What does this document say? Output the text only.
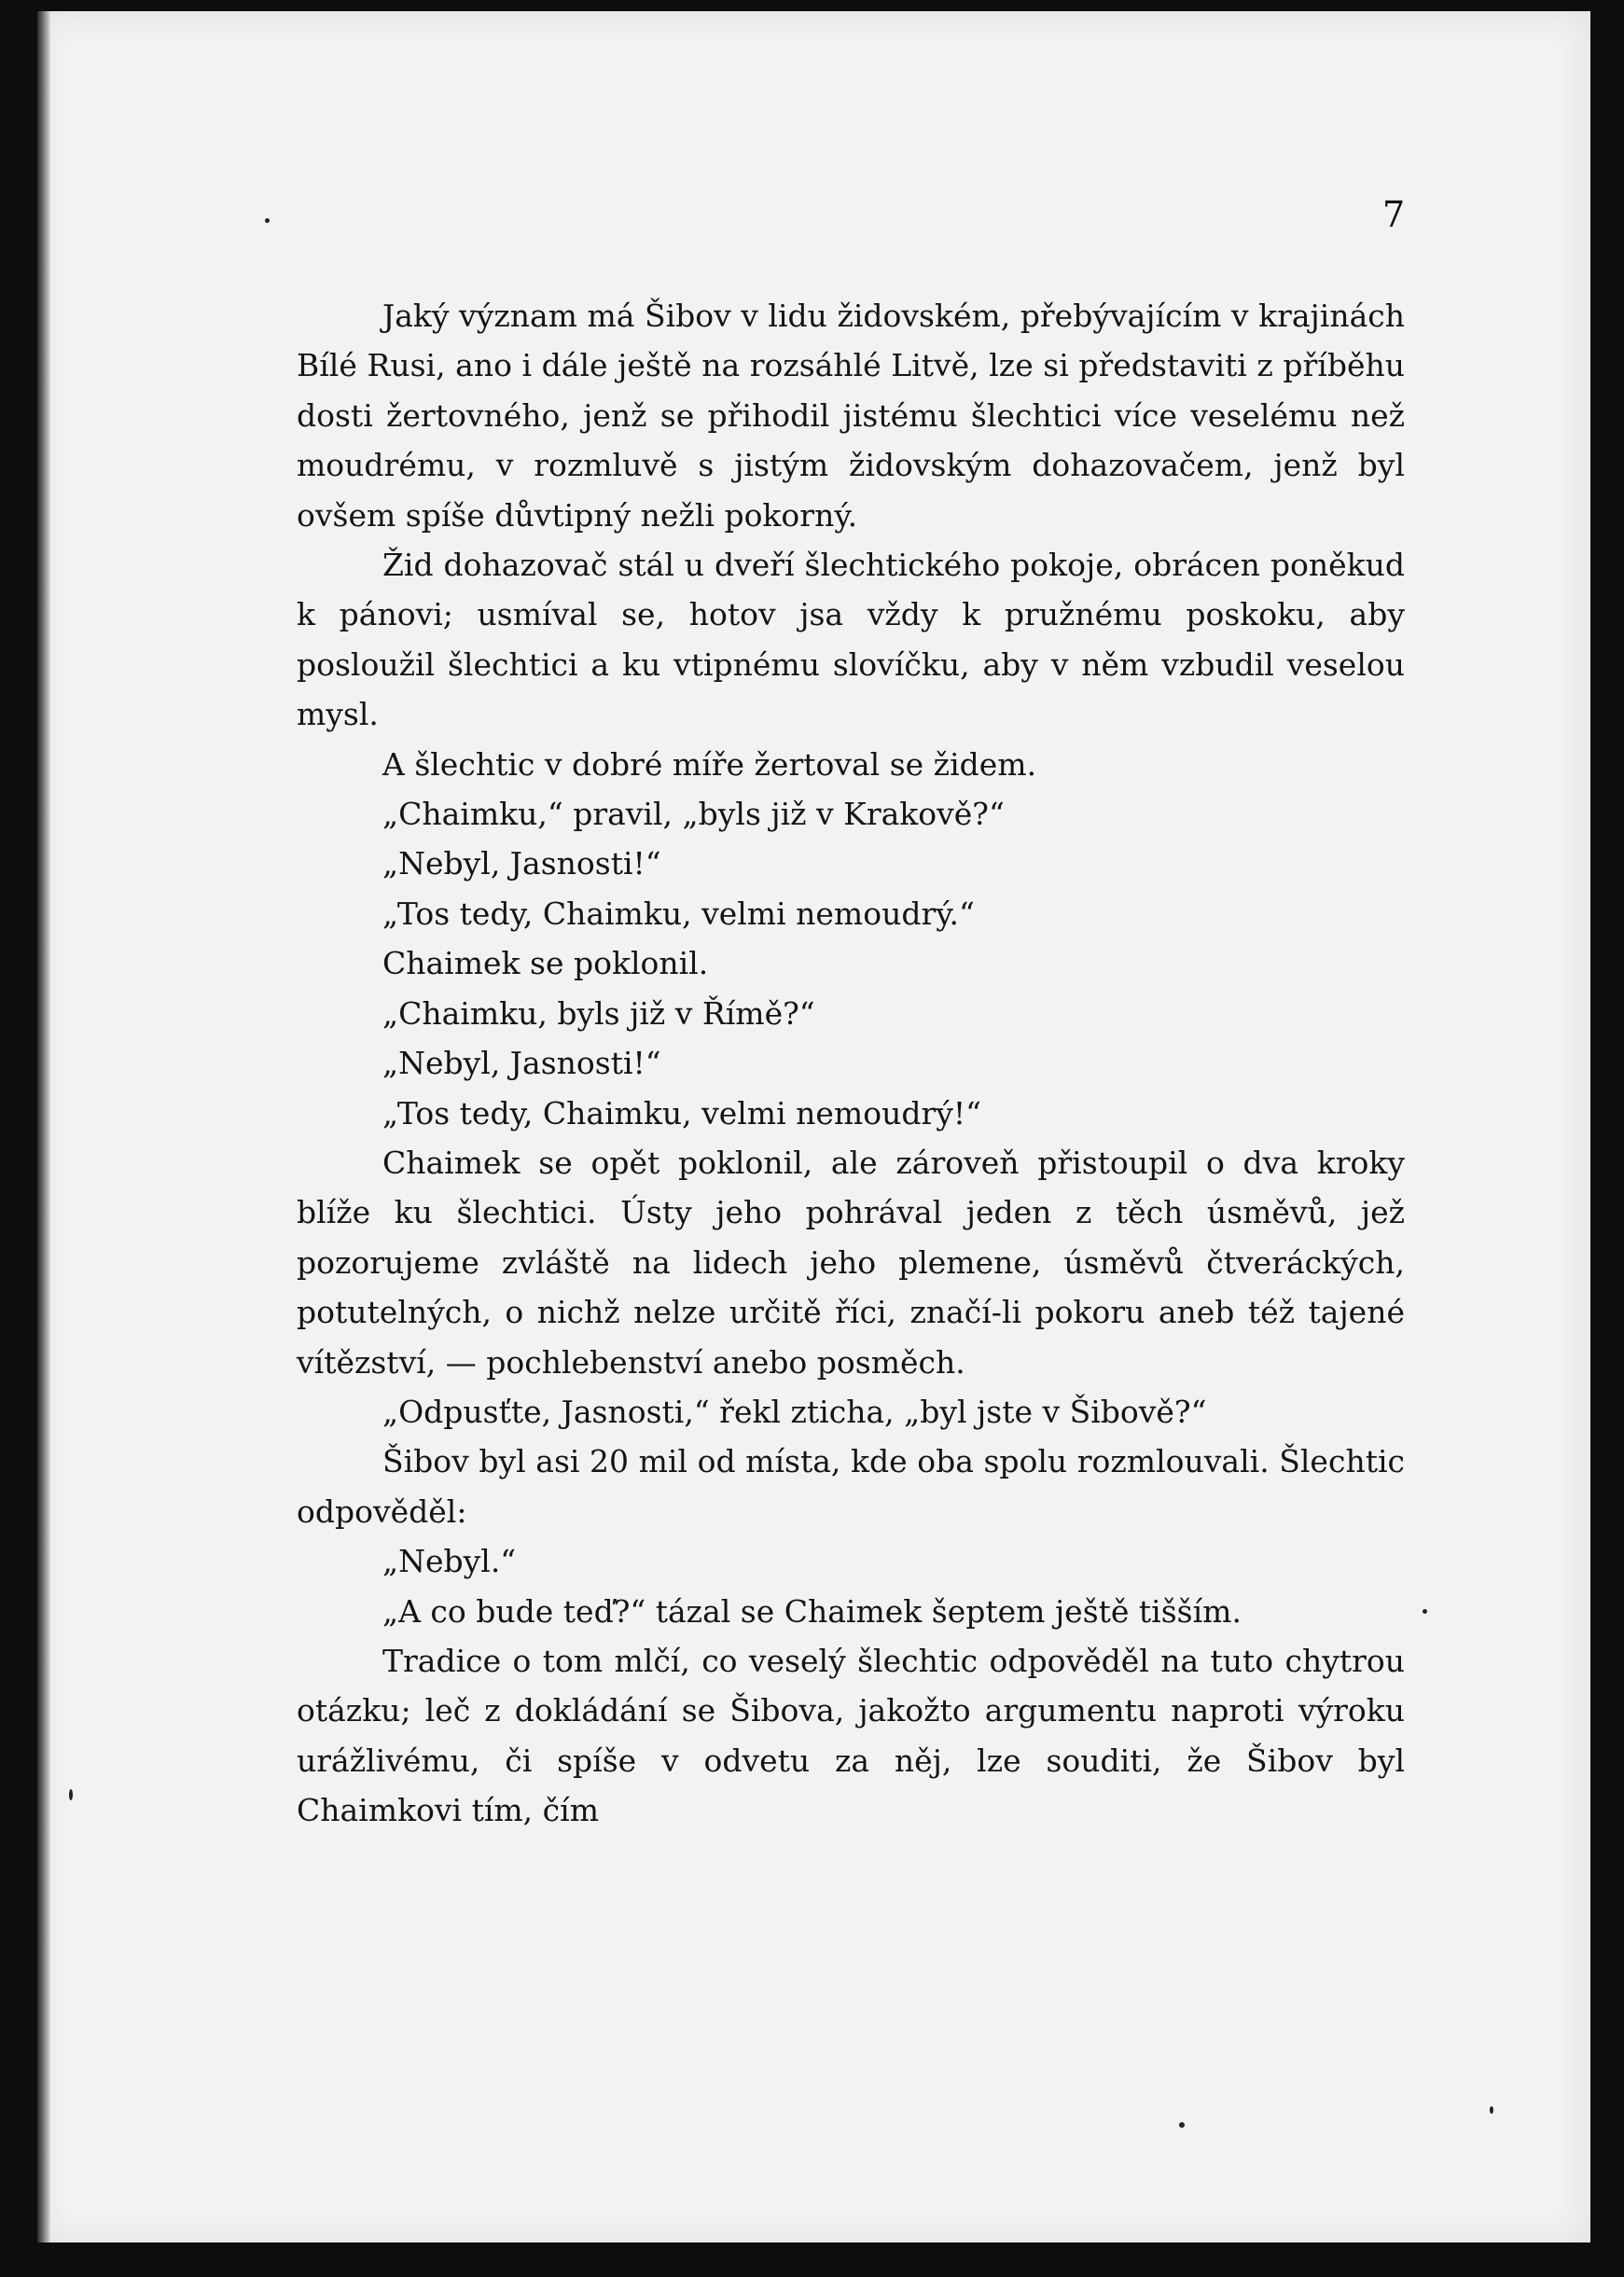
7

Jaký význam má Šibov v lidu židovském, přebývajícím v krajinách Bílé Rusi, ano i dále ještě na rozsáhlé Litvě, lze si představiti z příběhu dosti žertovného, jenž se přihodil jistému šlechtici více veselému než moudrému, v rozmluvě s jistým židovským dohazovačem, jenž byl ovšem spíše důvtipný nežli pokorný.

Žid dohazovač stál u dveří šlechtického pokoje, obrácen poněkud k pánovi; usmíval se, hotov jsa vždy k pružnému poskoku, aby posloužil šlechtici a ku vtipnému slovíčku, aby v něm vzbudil veselou mysl.

A šlechtic v dobré míře žertoval se židem.

„Chaimku,“ pravil, „byls již v Krakově?“

„Nebyl, Jasnosti!“

„Tos tedy, Chaimku, velmi nemoudrý.“

Chaimek se poklonil.

„Chaimku, byls již v Římě?“

„Nebyl, Jasnosti!“

„Tos tedy, Chaimku, velmi nemoudrý!“

Chaimek se opět poklonil, ale zároveň přistoupil o dva kroky blíže ku šlechtici. Ústy jeho pohrával jeden z těch úsměvů, jež pozorujeme zvláště na lidech jeho plemene, úsměvů čtveráckých, potutelných, o nichž nelze určitě říci, značí-li pokoru aneb též tajené vítězství, — pochlebenství anebo posměch.

„Odpusťte, Jasnosti,“ řekl zticha, „byl jste v Šibově?“

Šibov byl asi 20 mil od místa, kde oba spolu rozmlouvali. Šlechtic odpověděl:

„Nebyl.“

„A co bude teď?“ tázal se Chaimek šeptem ještě tišším.

Tradice o tom mlčí, co veselý šlechtic odpověděl na tuto chytrou otázku; leč z dokládání se Šibova, jakožto argumentu naproti výroku urážlivému, či spíše v odvetu za něj, lze souditi, že Šibov byl Chaimkovi tím, čím
